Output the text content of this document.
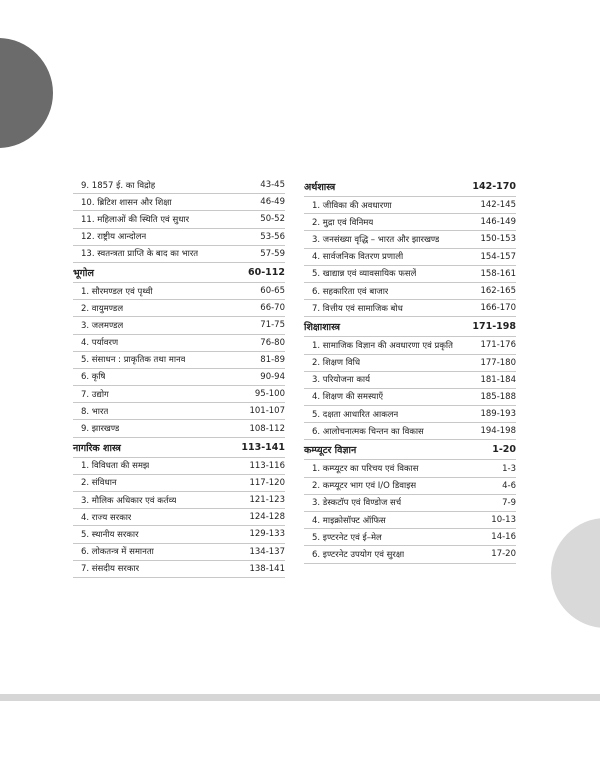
9. 1857 ई. का विद्रोह	43-45
10. ब्रिटिश शासन और शिक्षा	46-49
11. महिलाओं की स्थिति एवं सुधार	50-52
12. राष्ट्रीय आन्दोलन	53-56
13. स्वतन्त्रता प्राप्ति के बाद का भारत	57-59
भूगोल	60-112
1. सौरमण्डल एवं पृथ्वी	60-65
2. वायुमण्डल	66-70
3. जलमण्डल	71-75
4. पर्यावरण	76-80
5. संसाधन : प्राकृतिक तथा मानव	81-89
6. कृषि	90-94
7. उद्योग	95-100
8. भारत	101-107
9. झारखण्ड	108-112
नागरिक शास्त्र	113-141
1. विविधता की समझ	113-116
2. संविधान	117-120
3. मौलिक अधिकार एवं कर्तव्य	121-123
4. राज्य सरकार	124-128
5. स्थानीय सरकार	129-133
6. लोकतन्त्र में समानता	134-137
7. संसदीय सरकार	138-141
अर्थशास्त्र	142-170
1. जीविका की अवधारणा	142-145
2. मुद्रा एवं विनिमय	146-149
3. जनसंख्या वृद्धि – भारत और झारखण्ड	150-153
4. सार्वजनिक वितरण प्रणाली	154-157
5. खाद्यान्न एवं व्यावसायिक फसलें	158-161
6. सहकारिता एवं बाजार	162-165
7. वित्तीय एवं सामाजिक बोध	166-170
शिक्षाशास्त्र	171-198
1. सामाजिक विज्ञान की अवधारणा एवं प्रकृति	171-176
2. शिक्षण विधि	177-180
3. परियोजना कार्य	181-184
4. शिक्षण की समस्याएँ	185-188
5. दक्षता आधारित आकलन	189-193
6. आलोचनात्मक चिन्तन का विकास	194-198
कम्प्यूटर विज्ञान	1-20
1. कम्प्यूटर का परिचय एवं विकास	1-3
2. कम्प्यूटर भाग एवं I/O डिवाइस	4-6
3. डेस्कटॉप एवं विण्डोज सर्च	7-9
4. माइक्रोसॉफ्ट ऑफिस	10-13
5. इण्टरनेट एवं ई–मेल	14-16
6. इण्टरनेट उपयोग एवं सुरक्षा	17-20
